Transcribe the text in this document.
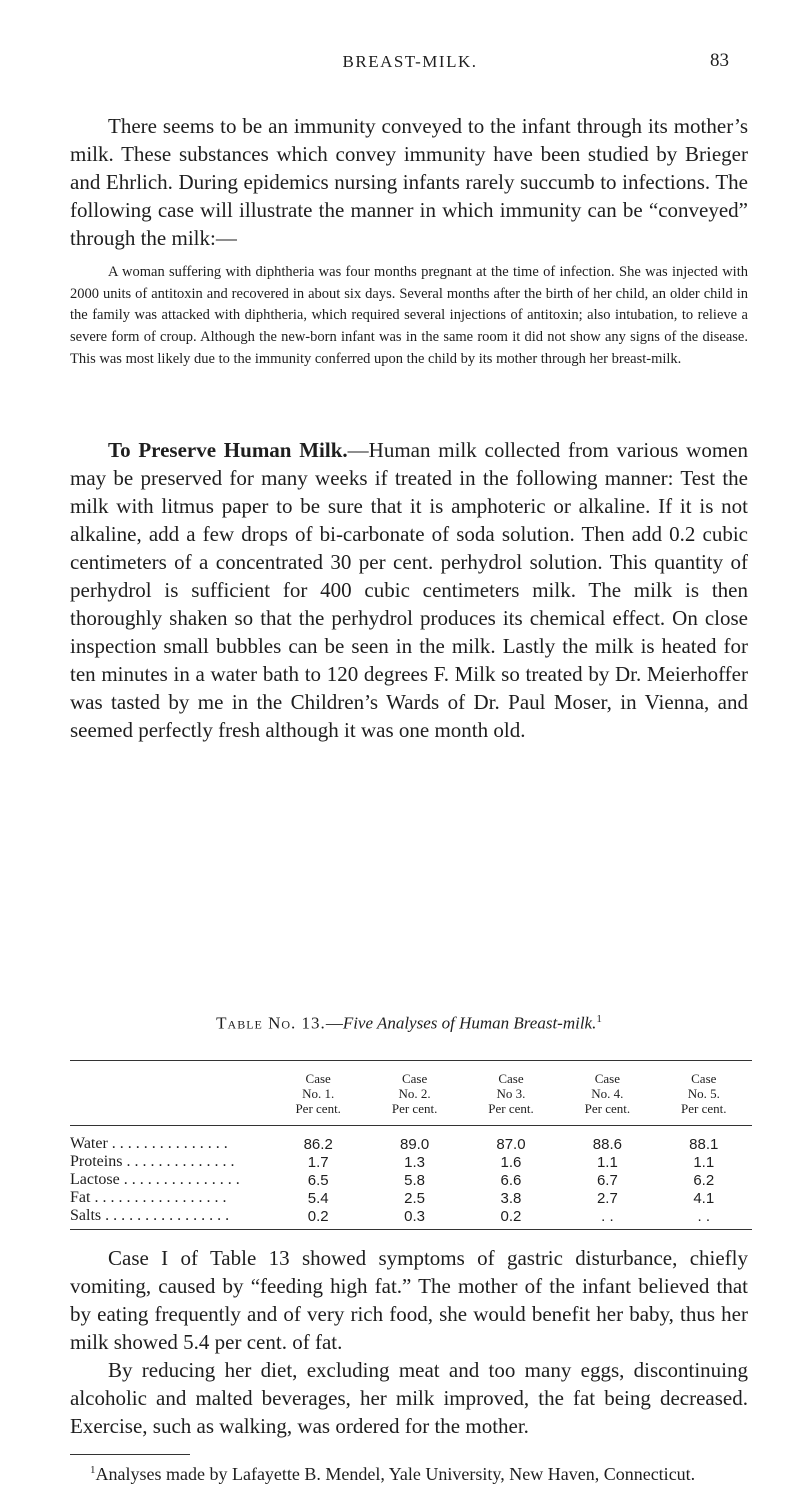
BREAST-MILK.	83

There seems to be an immunity conveyed to the infant through its mother’s milk. These substances which convey immunity have been studied by Brieger and Ehrlich. During epidemics nursing infants rarely succumb to infections. The following case will illustrate the manner in which immunity can be “conveyed” through the milk:—

A woman suffering with diphtheria was four months pregnant at the time of infection. She was injected with 2000 units of antitoxin and recovered in about six days. Several months after the birth of her child, an older child in the family was attacked with diphtheria, which required several injections of antitoxin; also intubation, to relieve a severe form of croup. Although the new-born infant was in the same room it did not show any signs of the disease. This was most likely due to the immunity conferred upon the child by its mother through her breast-milk.

To Preserve Human Milk.—Human milk collected from various women may be preserved for many weeks if treated in the following manner: Test the milk with litmus paper to be sure that it is amphoteric or alkaline. If it is not alkaline, add a few drops of bi-carbonate of soda solution. Then add 0.2 cubic centimeters of a concentrated 30 per cent. perhydrol solution. This quantity of perhydrol is sufficient for 400 cubic centimeters milk. The milk is then thoroughly shaken so that the perhydrol produces its chemical effect. On close inspection small bubbles can be seen in the milk. Lastly the milk is heated for ten minutes in a water bath to 120 degrees F. Milk so treated by Dr. Meierhoffer was tasted by me in the Children’s Wards of Dr. Paul Moser, in Vienna, and seemed perfectly fresh although it was one month old.

Table No. 13.—Five Analyses of Human Breast-milk.$^1$
	Case
No. 1.
Per cent.	Case
No. 2.
Per cent.	Case
No 3.
Per cent.	Case
No. 4.
Per cent.	Case
No. 5.
Per cent.
Water . . . . . . . . . . . . . . .	86.2	89.0	87.0	88.6	88.1
Proteins . . . . . . . . . . . . . .	1.7	1.3	1.6	1.1	1.1
Lactose . . . . . . . . . . . . . . .	6.5	5.8	6.6	6.7	6.2
Fat . . . . . . . . . . . . . . . . .	5.4	2.5	3.8	2.7	4.1
Salts . . . . . . . . . . . . . . . .	0.2	0.3	0.2	. .	. .

Case I of Table 13 showed symptoms of gastric disturbance, chiefly vomiting, caused by “feeding high fat.” The mother of the infant believed that by eating frequently and of very rich food, she would benefit her baby, thus her milk showed 5.4 per cent. of fat.

By reducing her diet, excluding meat and too many eggs, discontinuing alcoholic and malted beverages, her milk improved, the fat being decreased. Exercise, such as walking, was ordered for the mother.

$^1$Analyses made by Lafayette B. Mendel, Yale University, New Haven, Connecticut.
